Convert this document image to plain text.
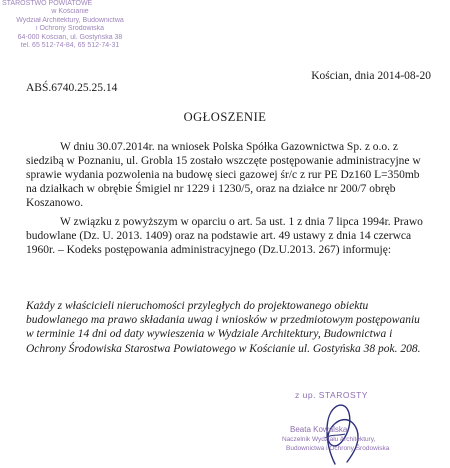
STAROSTWO POWIATOWE
w Kościanie
Wydział Architektury, Budownictwa
i Ochrony Środowiska
64-000 Kościan, ul. Gostyńska 38
tel. 65 512-74-84, 65 512-74-31
Kościan, dnia 2014-08-20
ABŚ.6740.25.25.14
OGŁOSZENIE

W dniu 30.07.2014r. na wniosek Polska Spółka Gazownictwa Sp. z o.o. z siedzibą w Poznaniu, ul. Grobla 15 zostało wszczęte postępowanie administracyjne w sprawie wydania pozwolenia na budowę sieci gazowej śr/c z rur PE Dz160 L=350mb na działkach w obrębie Śmigiel nr 1229 i 1230/5, oraz na działce nr 200/7 obręb Koszanowo.

W związku z powyższym w oparciu o art. 5a ust. 1 z dnia 7 lipca 1994r. Prawo budowlane (Dz. U. 2013. 1409) oraz na podstawie art. 49 ustawy z dnia 14 czerwca 1960r. – Kodeks postępowania administracyjnego (Dz.U.2013. 267) informuję:

Każdy z właścicieli nieruchomości przyległych do projektowanego obiektu budowlanego ma prawo składania uwag i wniosków w przedmiotowym postępowaniu w terminie 14 dni od daty wywieszenia w Wydziale Architektury, Budownictwa i Ochrony Środowiska Starostwa Powiatowego w Kościanie ul. Gostyńska 38 pok. 208.

z up. STAROSTY
Beata Kowalska
Naczelnik Wydziału Architektury,
Budownictwa i Ochrony Środowiska
